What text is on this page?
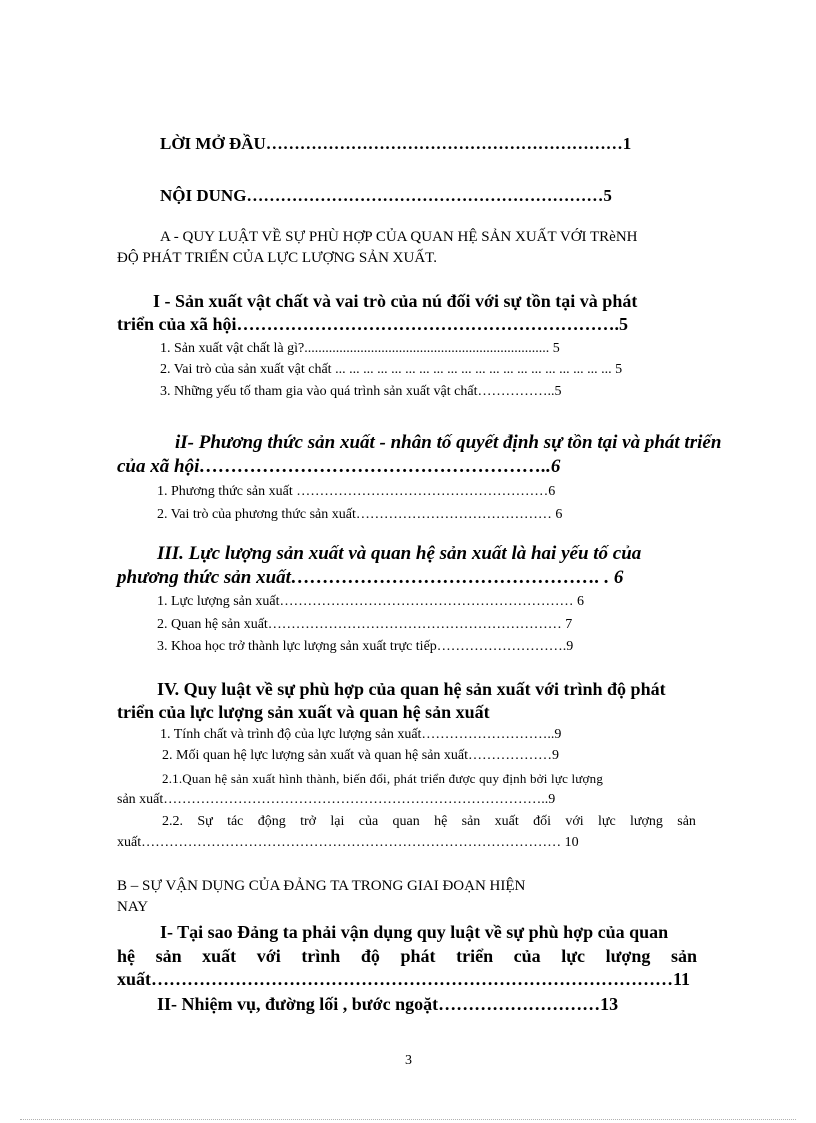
LỜI MỞ ĐẦU………………………………………………………1
NỘI DUNG………………………………………………………5
A - QUY LUẬT VỀ SỰ PHÙ HỢP CỦA QUAN HỆ SẢN XUẤT VỚI TRèNH
ĐỘ PHÁT TRIỂN CỦA LỰC LƯỢNG SẢN XUẤT.
I - Sản xuất vật chất và vai trò của nú đối với sự tồn tại và phát
triển của xã hội……………………………………………………….5
1. Sản xuất vật chất là gì?...................................................................... 5
2. Vai trò của sản xuất vật chất ... ... ... ... ... ... ... ... ... ... ... ... ... ... ... ... ... ... ... ... 5
3. Những yếu tố tham gia vào quá trình sản xuất vật chất……………..5
iI- Phương thức sản xuất - nhân tố quyết định sự tồn tại và phát triển
của xã hội………………………………………………..6
1. Phương thức sản xuất ………………………………………………6
2. Vai trò của phương thức sản xuất…………………………………… 6
III. Lực lượng sản xuất và quan hệ sản xuất là hai yếu tố của
phương thức sản xuất…………………………………………. . 6
1. Lực lượng sản xuất……………………………………………………… 6
2. Quan hệ sản xuất……………………………………………………… 7
3. Khoa học trở thành lực lượng sản xuất trực tiếp……………………….9
IV. Quy luật về sự phù hợp của quan hệ sản xuất với trình độ phát
triển của lực lượng sản xuất và quan hệ sản xuất
1. Tính chất và trình độ của lực lượng sản xuất………………………..9
2. Mối quan hệ lực lượng sản xuất và quan hệ sản xuất………………9
2.1.Quan hệ sản xuất hình thành, biến đổi, phát triển được quy định bởi lực lượng
sản xuất………………………………………………………………………..9
2.2. Sự tác động trở lại của quan hệ sản xuất đối với lực lượng sản
xuất……………………………………………………………………………… 10
B – SỰ VẬN DỤNG CỦA ĐẢNG TA TRONG GIAI ĐOẠN HIỆN
NAY
I- Tại sao Đảng ta phải vận dụng quy luật về sự phù hợp của quan
hệ sản xuất với trình độ phát triển của lực lượng sản
xuất……………………………………………………………………………11
II- Nhiệm vụ, đường lối , bước ngoặt………………………13
3
